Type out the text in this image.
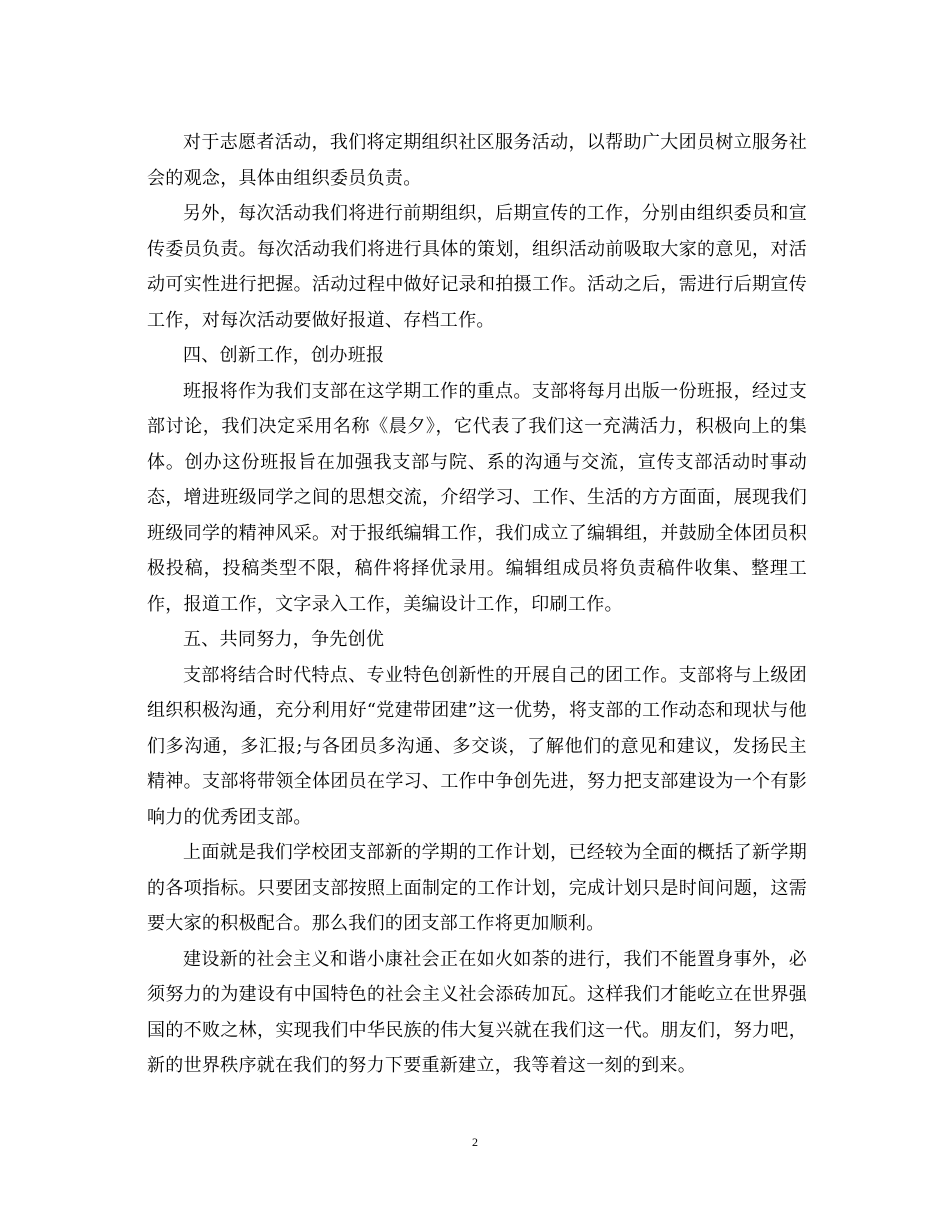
对于志愿者活动，我们将定期组织社区服务活动，以帮助广大团员树立服务社会的观念，具体由组织委员负责。

另外，每次活动我们将进行前期组织，后期宣传的工作，分别由组织委员和宣传委员负责。每次活动我们将进行具体的策划，组织活动前吸取大家的意见，对活动可实性进行把握。活动过程中做好记录和拍摄工作。活动之后，需进行后期宣传工作，对每次活动要做好报道、存档工作。

四、创新工作，创办班报

班报将作为我们支部在这学期工作的重点。支部将每月出版一份班报，经过支部讨论，我们决定采用名称《晨夕》，它代表了我们这一充满活力，积极向上的集体。创办这份班报旨在加强我支部与院、系的沟通与交流，宣传支部活动时事动态，增进班级同学之间的思想交流，介绍学习、工作、生活的方方面面，展现我们班级同学的精神风采。对于报纸编辑工作，我们成立了编辑组，并鼓励全体团员积极投稿，投稿类型不限，稿件将择优录用。编辑组成员将负责稿件收集、整理工作，报道工作，文字录入工作，美编设计工作，印刷工作。

五、共同努力，争先创优

支部将结合时代特点、专业特色创新性的开展自己的团工作。支部将与上级团组织积极沟通，充分利用好“党建带团建”这一优势，将支部的工作动态和现状与他们多沟通，多汇报;与各团员多沟通、多交谈，了解他们的意见和建议，发扬民主精神。支部将带领全体团员在学习、工作中争创先进，努力把支部建设为一个有影响力的优秀团支部。

上面就是我们学校团支部新的学期的工作计划，已经较为全面的概括了新学期的各项指标。只要团支部按照上面制定的工作计划，完成计划只是时间问题，这需要大家的积极配合。那么我们的团支部工作将更加顺利。

建设新的社会主义和谐小康社会正在如火如荼的进行，我们不能置身事外，必须努力的为建设有中国特色的社会主义社会添砖加瓦。这样我们才能屹立在世界强国的不败之林，实现我们中华民族的伟大复兴就在我们这一代。朋友们，努力吧，新的世界秩序就在我们的努力下要重新建立，我等着这一刻的到来。

2
